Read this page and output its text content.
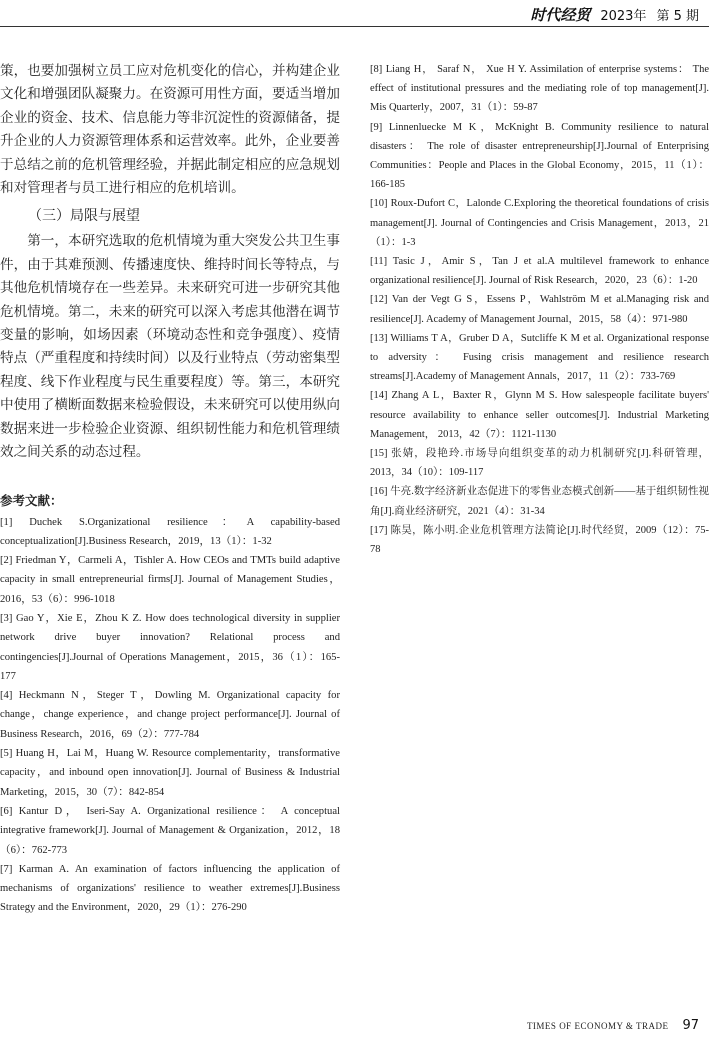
时代经贸 2023年 第 5 期

策，也要加强树立员工应对危机变化的信心，并构建企业文化和增强团队凝聚力。在资源可用性方面，要适当增加企业的资金、技术、信息能力等非沉淀性的资源储备，提升企业的人力资源管理体系和运营效率。此外，企业要善于总结之前的危机管理经验，并据此制定相应的应急规划和对管理者与员工进行相应的危机培训。

（三）局限与展望

第一，本研究选取的危机情境为重大突发公共卫生事件，由于其难预测、传播速度快、维持时间长等特点，与其他危机情境存在一些差异。未来研究可进一步研究其他危机情境。第二，未来的研究可以深入考虑其他潜在调节变量的影响，如场因素（环境动态性和竞争强度）、疫情特点（严重程度和持续时间）以及行业特点（劳动密集型程度、线下作业程度与民生重要程度）等。第三，本研究中使用了横断面数据来检验假设，未来研究可以使用纵向数据来进一步检验企业资源、组织韧性能力和危机管理绩效之间关系的动态过程。

参考文献：

[1] Duchek S.Organizational resilience：A capability-based conceptualization[J].Business Research，2019，13（1）：1-32

[2] Friedman Y，Carmeli A，Tishler A. How CEOs and TMTs build adaptive capacity in small entrepreneurial firms[J]. Journal of Management Studies， 2016，53（6）：996-1018

[3] Gao Y，Xie E，Zhou K Z. How does technological diversity in supplier network drive buyer innovation? Relational process and contingencies[J].Journal of Operations Management，2015，36（1）：165-177

[4] Heckmann N，Steger T，Dowling M. Organizational capacity for change，change experience，and change project performance[J]. Journal of Business Research，2016，69（2）：777-784

[5] Huang H，Lai M，Huang W. Resource complementarity，transformative capacity，and inbound open innovation[J]. Journal of Business & Industrial Marketing，2015，30（7）：842-854

[6] Kantur D， Iseri-Say A. Organizational resilience： A conceptual integrative framework[J]. Journal of Management & Organization，2012，18（6）：762-773

[7] Karman A. An examination of factors influencing the application of mechanisms of organizations' resilience to weather extremes[J].Business Strategy and the Environment，2020，29（1）：276-290

[8] Liang H， Saraf N， Xue H Y. Assimilation of enterprise systems： The effect of institutional pressures and the mediating role of top management[J]. Mis Quarterly，2007，31（1）：59-87

[9] Linnenluecke M K，McKnight B. Community resilience to natural disasters： The role of disaster entrepreneurship[J].Journal of Enterprising Communities：People and Places in the Global Economy，2015，11（1）：166-185

[10] Roux-Dufort C，Lalonde C.Exploring the theoretical foundations of crisis management[J]. Journal of Contingencies and Crisis Management，2013，21（1）：1-3

[11] Tasic J，Amir S，Tan J et al.A multilevel framework to enhance organizational resilience[J]. Journal of Risk Research，2020，23（6）：1-20

[12] Van der Vegt G S，Essens P，Wahlström M et al.Managing risk and resilience[J]. Academy of Management Journal，2015，58（4）：971-980

[13] Williams T A，Gruber D A，Sutcliffe K M et al. Organizational response to adversity： Fusing crisis management and resilience research streams[J].Academy of Management Annals，2017，11（2）：733-769

[14] Zhang A L，Baxter R，Glynn M S. How salespeople facilitate buyers' resource availability to enhance seller outcomes[J]. Industrial Marketing Management， 2013，42（7）：1121-1130

[15] 张婧，段艳玲.市场导向组织变革的动力机制研究[J].科研管理， 2013，34（10）：109-117

[16] 牛亮.数字经济新业态促进下的零售业态模式创新——基于组织韧性视角[J].商业经济研究，2021（4）：31-34

[17] 陈昊，陈小明.企业危机管理方法简论[J].时代经贸，2009（12）：75-78

TIMES OF ECONOMY & TRADE 97
